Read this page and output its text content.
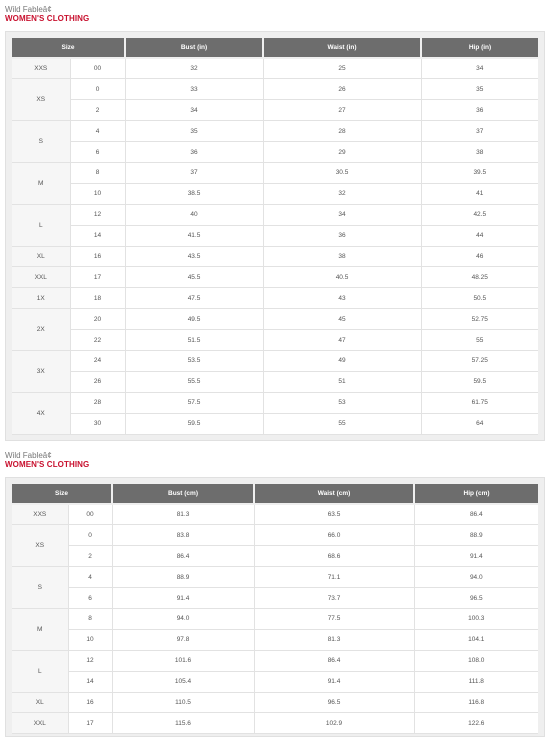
Wild Fableâ¢
WOMEN'S CLOTHING
Size		Bust (in)	Waist (in)	Hip (in)
XXS	00	32	25	34
XS	0	33	26	35
	2	34	27	36
S	4	35	28	37
	6	36	29	38
M	8	37	30.5	39.5
	10	38.5	32	41
L	12	40	34	42.5
	14	41.5	36	44
XL	16	43.5	38	46
XXL	17	45.5	40.5	48.25
1X	18	47.5	43	50.5
2X	20	49.5	45	52.75
	22	51.5	47	55
3X	24	53.5	49	57.25
	26	55.5	51	59.5
4X	28	57.5	53	61.75
	30	59.5	55	64
Wild Fableâ¢
WOMEN'S CLOTHING
Size		Bust (cm)	Waist (cm)	Hip (cm)
XXS	00	81.3	63.5	86.4
XS	0	83.8	66.0	88.9
	2	86.4	68.6	91.4
S	4	88.9	71.1	94.0
	6	91.4	73.7	96.5
M	8	94.0	77.5	100.3
	10	97.8	81.3	104.1
L	12	101.6	86.4	108.0
	14	105.4	91.4	111.8
XL	16	110.5	96.5	116.8
XXL	17	115.6	102.9	122.6
